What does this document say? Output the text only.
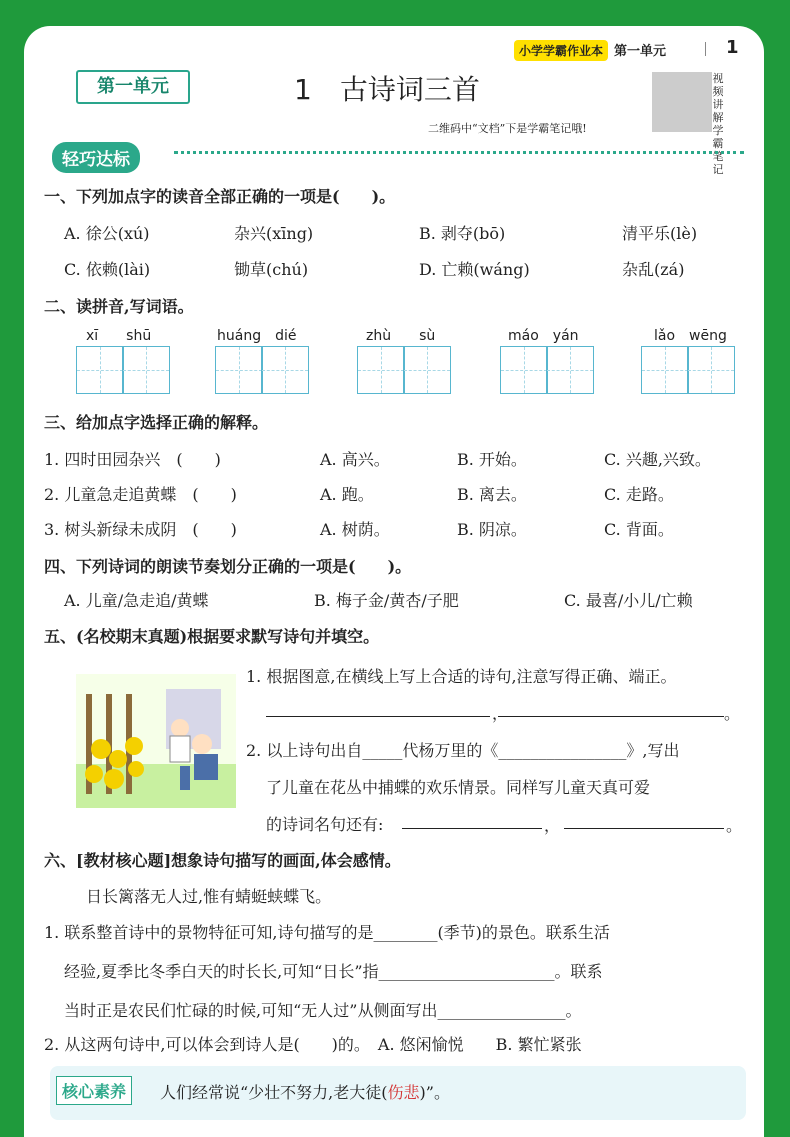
小学学霸作业本 第一单元	1
第一单元	1　古诗词三首	视频讲解 学霸笔记
二维码中“文档”下是学霸笔记哦!
轻巧达标
一、下列加点字的读音全部正确的一项是(　　)。
A. 徐公(xú)	杂兴(xīng)	B. 剥夺(bō)	清平乐(lè)
C. 依赖(lài)	锄草(chú)	D. 亡赖(wáng)	杂乱(zá)
二、读拼音,写词语。
xī　　shū	huáng　dié	zhù　　sù	máo　yán	lǎo　wēng
三、给加点字选择正确的解释。
1. 四时田园杂兴　(　　)	A. 高兴。	B. 开始。	C. 兴趣,兴致。
2. 儿童急走追黄蝶　(　　)	A. 跑。	B. 离去。	C. 走路。
3. 树头新绿未成阴　(　　)	A. 树荫。	B. 阴凉。	C. 背面。
四、下列诗词的朗读节奏划分正确的一项是(　　)。
A. 儿童/急走追/黄蝶	B. 梅子金/黄杏/子肥	C. 最喜/小儿/亡赖
五、(名校期末真题)根据要求默写诗句并填空。
1. 根据图意,在横线上写上合适的诗句,注意写得正确、端正。
，	。
2. 以上诗句出自_____代杨万里的《________________》,写出
了儿童在花丛中捕蝶的欢乐情景。同样写儿童天真可爱
的诗词名句还有:	，	。
六、[教材核心题]想象诗句描写的画面,体会感情。
日长篱落无人过,惟有蜻蜓蛱蝶飞。
1. 联系整首诗中的景物特征可知,诗句描写的是________(季节)的景色。联系生活
经验,夏季比冬季白天的时长长,可知“日长”指______________________。联系
当时正是农民们忙碌的时候,可知“无人过”从侧面写出________________。
2. 从这两句诗中,可以体会到诗人是(　　)的。　A. 悠闲愉悦　　B. 繁忙紧张
核心素养	人们经常说“少壮不努力,老大徒(伤悲)”。
